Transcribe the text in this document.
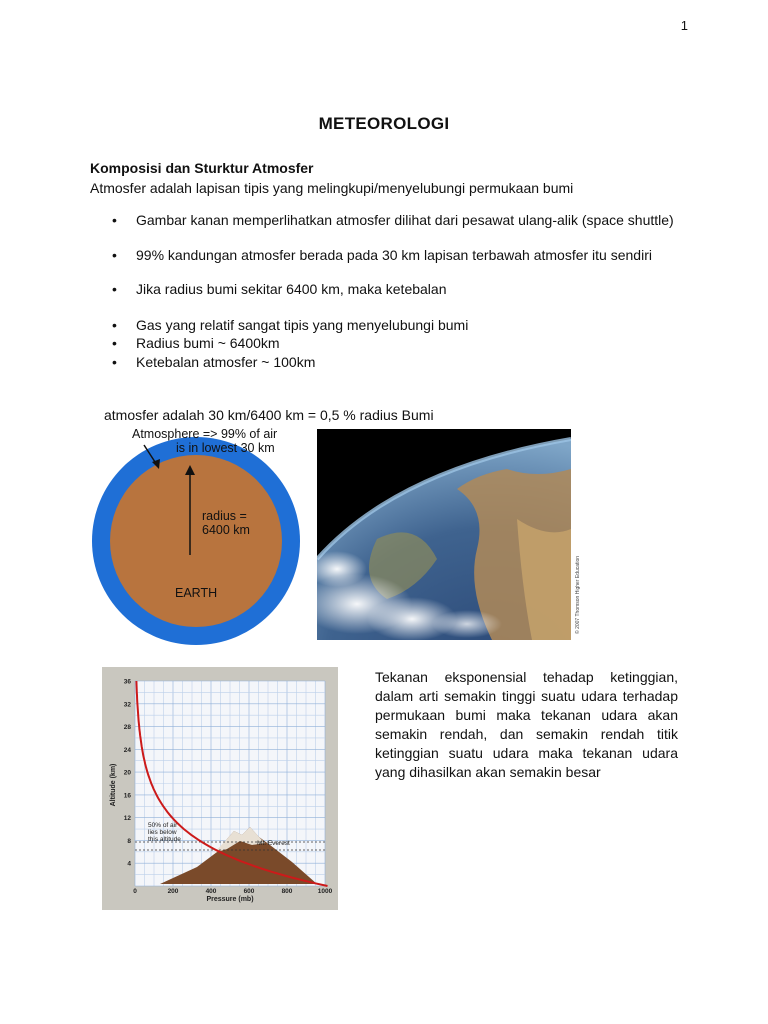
1
METEOROLOGI
Komposisi dan Sturktur Atmosfer
Atmosfer adalah lapisan tipis yang melingkupi/menyelubungi permukaan bumi
• Gambar kanan memperlihatkan atmosfer dilihat dari pesawat ulang-alik (space shuttle)
• 99% kandungan atmosfer berada pada 30 km lapisan terbawah atmosfer itu sendiri
• Jika radius bumi sekitar 6400 km, maka ketebalan
• Gas yang relatif sangat tipis yang menyelubungi bumi
• Radius bumi ~ 6400km
• Ketebalan atmosfer ~ 100km
atmosfer adalah 30 km/6400 km = 0,5 % radius Bumi
Atmosphere => 99% of air
is in lowest 30 km
radius =
6400 km
EARTH	© 2007 Thomson Higher Education
36
32
28
24
20
16
12
8
4
0	200	400	600	800	1000
Altitude (km)
Pressure (mb)
50% of air
lies below
this altitude
Mt. Everest
Tekanan eksponensial tehadap ketinggian, dalam arti semakin tinggi suatu udara terhadap permukaan bumi maka tekanan udara akan semakin rendah, dan semakin rendah titik ketinggian suatu udara maka tekanan udara yang dihasilkan akan semakin besar
